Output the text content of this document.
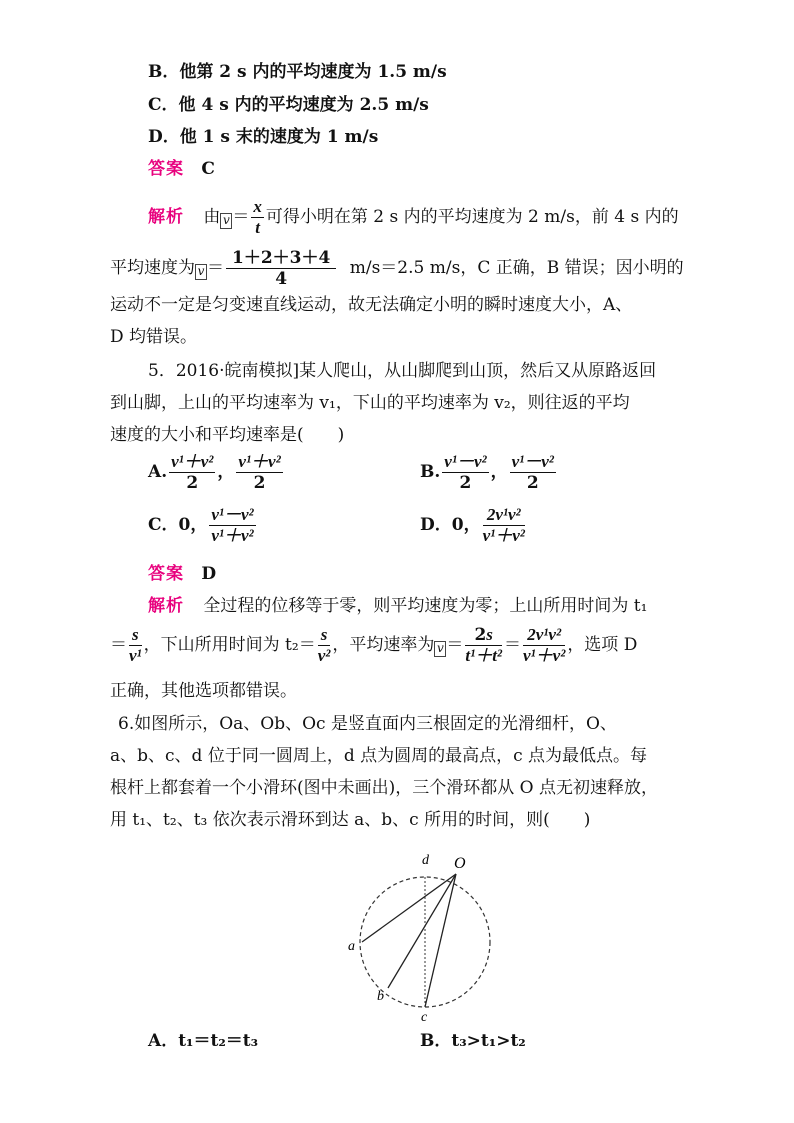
B．他第 2 s 内的平均速度为 1.5 m/s
C．他 4 s 内的平均速度为 2.5 m/s
D．他 1 s 末的速度为 1 m/s
答案 C
解析 由 $v = \frac{x}{t}$ 可得小明在第 2 s 内的平均速度为 2 m/s，前 4 s 内的
平均速度为 $v = \frac{1+2+3+4}{4} m/s=2.5$ m/s，C 正确，B 错误；因小明的
运动不一定是匀变速直线运动，故无法确定小明的瞬时速度大小，A、
D 均错误。
5．2016·皖南模拟]某人爬山，从山脚爬到山顶，然后又从原路返回
到山脚，上山的平均速率为 v₁，下山的平均速率为 v₂，则往返的平均
速度的大小和平均速率是(　　)
A. $\frac{\text{v¹＋v²}}{2}$ ， $\frac{\text{v¹＋v²}}{2}$	B. $\frac{\text{v¹－v²}}{2}$ ， $\frac{\text{v¹－v²}}{2}$
C．0， $\frac{\text{v¹－v²}}{\text{v¹＋v²}}$	D．0， $\frac{\text{2v¹v²}}{\text{v¹＋v²}}$
答案 D
解析 全过程的位移等于零，则平均速度为零；上山所用时间为 t₁
＝ $\frac{s}{\text{v¹}}$ ，下山所用时间为 $t_2= \frac{s}{\text{v²}}$ ，平均速率为 $v = \frac{2s}{\text{t¹＋t²}} = \frac{\text{2v¹v²}}{\text{v¹＋v²}}$ ，选项 D
正确，其他选项都错误。
6.如图所示，Oa、Ob、Oc 是竖直面内三根固定的光滑细杆，O、
a、b、c、d 位于同一圆周上，d 点为圆周的最高点，c 点为最低点。每
根杆上都套着一个小滑环(图中未画出)，三个滑环都从 O 点无初速释放，
用 t₁、t₂、t₃ 依次表示滑环到达 a、b、c 所用的时间，则(　　)
d O
a
b
c
A．t₁＝t₂＝t₃	B．t₃>t₁>t₂
